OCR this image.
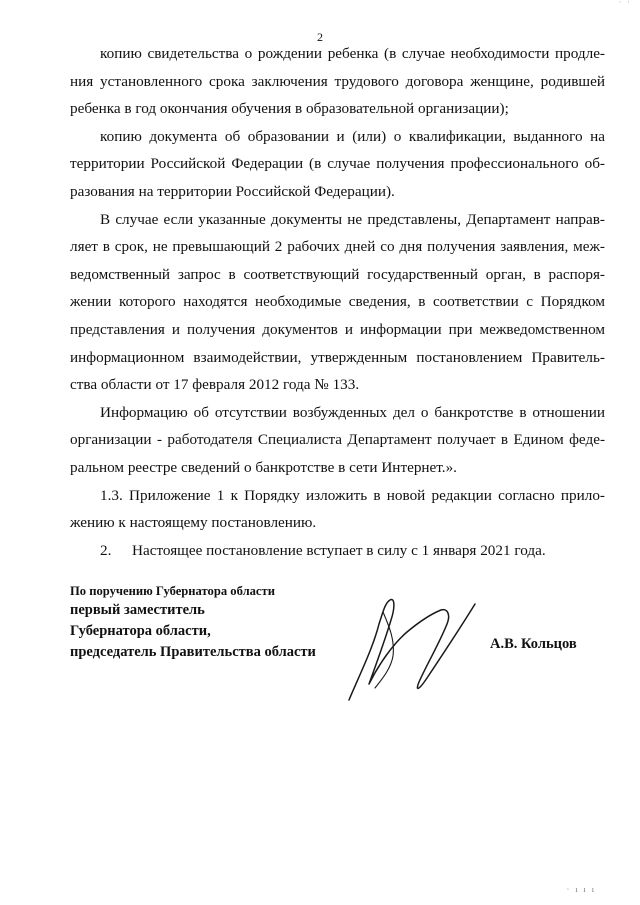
2
копию свидетельства о рождении ребенка (в случае необходимости продле-
ния установленного срока заключения трудового договора женщине, родившей
ребенка в год окончания обучения в образовательной организации);
копию документа об образовании и (или) о квалификации, выданного на
территории Российской Федерации (в случае получения профессионального об-
разования на территории Российской Федерации).
В случае если указанные документы не представлены, Департамент направ-
ляет в срок, не превышающий 2 рабочих дней со дня получения заявления, меж-
ведомственный запрос в соответствующий государственный орган, в распоря-
жении которого находятся необходимые сведения, в соответствии с Порядком
представления и получения документов и информации при межведомственном
информационном взаимодействии, утвержденным постановлением Правитель-
ства области от 17 февраля 2012 года № 133.
Информацию об отсутствии возбужденных дел о банкротстве в отношении
организации - работодателя Специалиста Департамент получает в Едином феде-
ральном реестре сведений о банкротстве в сети Интернет.».
1.3. Приложение 1 к Порядку изложить в новой редакции согласно прило-
жению к настоящему постановлению.
2. Настоящее постановление вступает в силу с 1 января 2021 года.
По поручению Губернатора области
первый заместитель
Губернатора области,
председатель Правительства области	А.В. Кольцов
ˈ ˈ
· ı ı ı
